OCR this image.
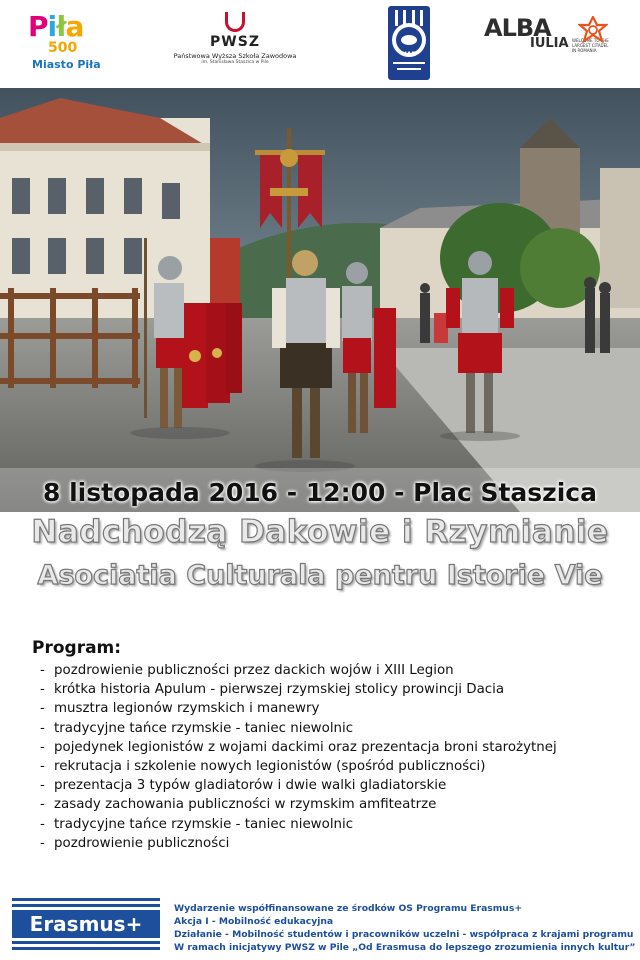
Piła
500
Miasto Piła
PWSZ
Państwowa Wyższa Szkoła Zawodowa
im. Stanisława Staszica w Pile
UAB
ALBA
IULIA WELCOME TO THE LARGEST CITADEL IN ROMANIA
8 listopada 2016 - 12:00 - Plac Staszica
Nadchodzą Dakowie i Rzymianie
Asociatia Culturala pentru Istorie Vie
Program:
- pozdrowienie publiczności przez dackich wojów i XIII Legion
- krótka historia Apulum - pierwszej rzymskiej stolicy prowincji Dacia
- musztra legionów rzymskich i manewry
- tradycyjne tańce rzymskie - taniec niewolnic
- pojedynek legionistów z wojami dackimi oraz prezentacja broni starożytnej
- rekrutacja i szkolenie nowych legionistów (spośród publiczności)
- prezentacja 3 typów gladiatorów i dwie walki gladiatorskie
- zasady zachowania publiczności w rzymskim amfiteatrze
- tradycyjne tańce rzymskie - taniec niewolnic
- pozdrowienie publiczności
Erasmus+
Wydarzenie współfinansowane ze środków OS Programu Erasmus+
Akcja I - Mobilność edukacyjna
Działanie - Mobilność studentów i pracowników uczelni - współpraca z krajami programu
W ramach inicjatywy PWSZ w Pile „Od Erasmusa do lepszego zrozumienia innych kultur”
